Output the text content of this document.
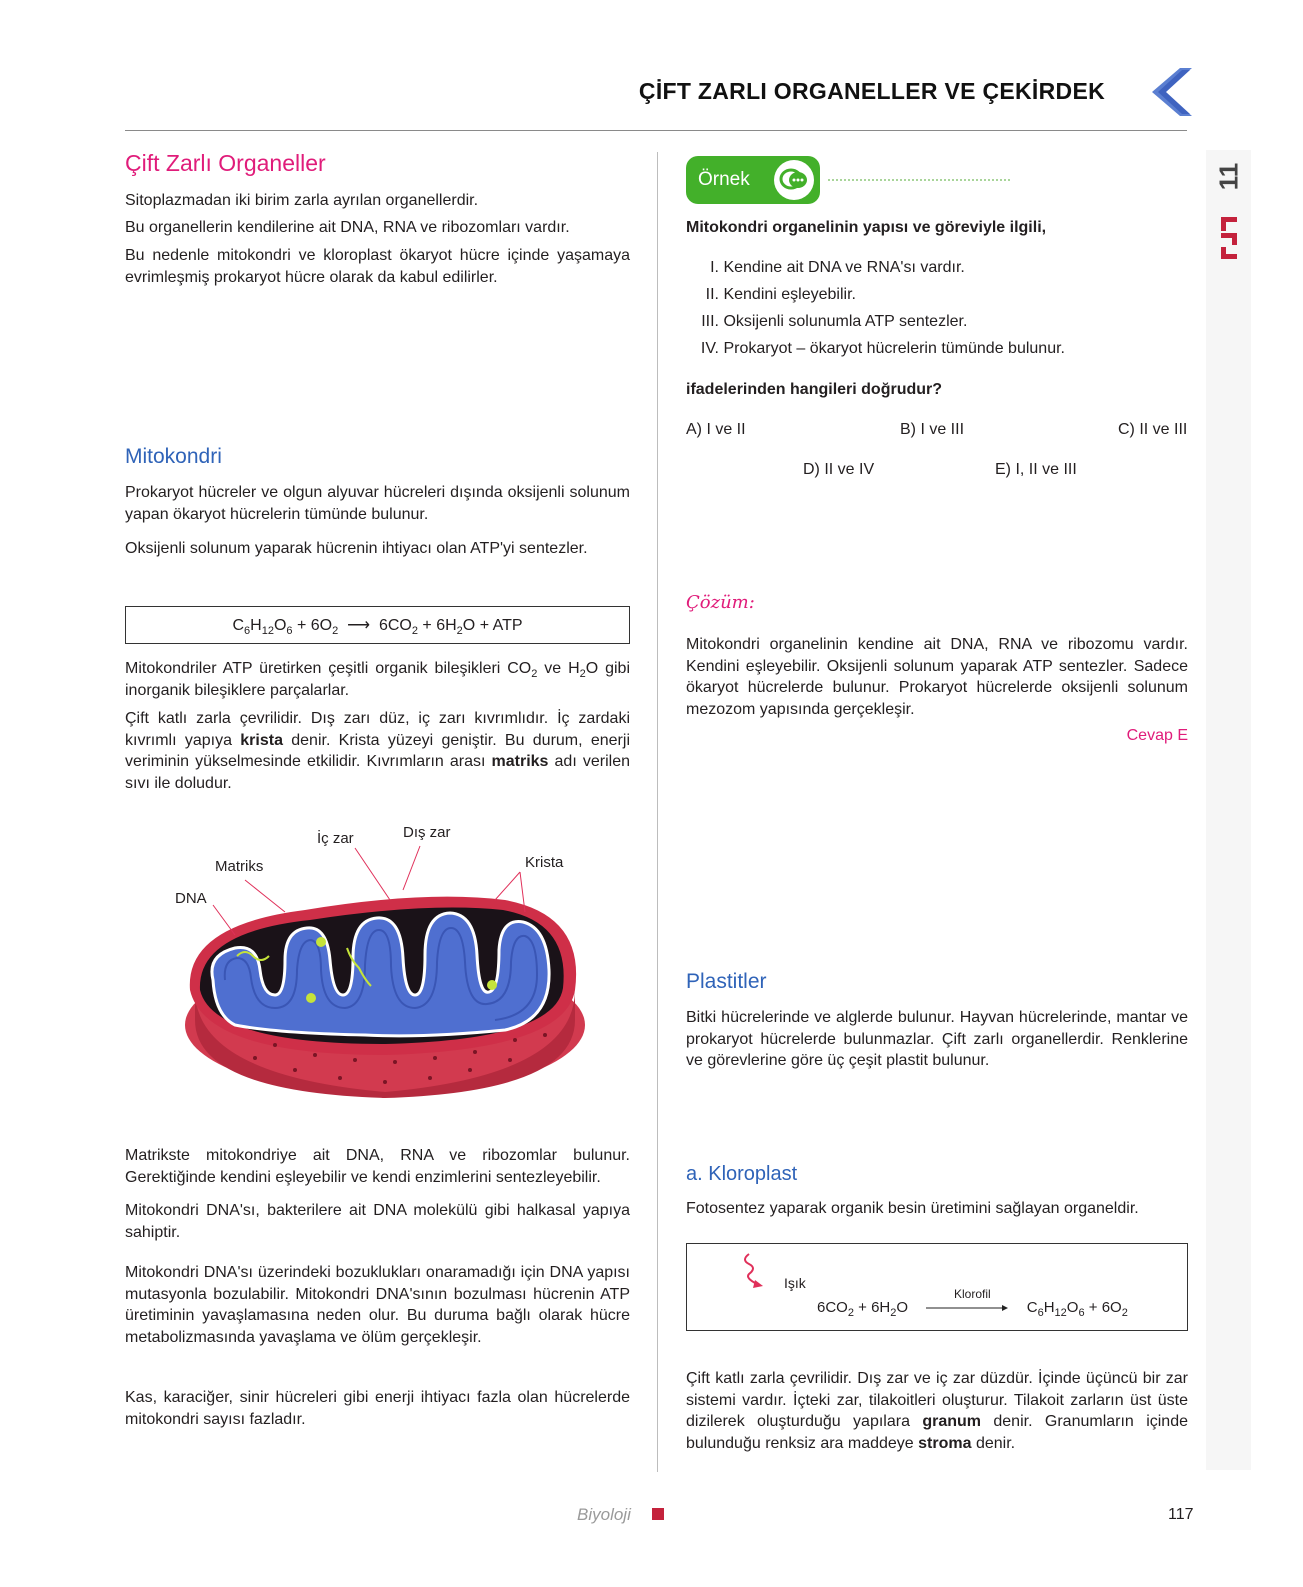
ÇİFT ZARLI ORGANELLER VE ÇEKİRDEK
11
Çift Zarlı Organeller

Sitoplazmadan iki birim zarla ayrılan organellerdir.

Bu organellerin kendilerine ait DNA, RNA ve ribozomları vardır.

Bu nedenle mitokondri ve kloroplast ökaryot hücre içinde yaşamaya evrimleşmiş prokaryot hücre olarak da kabul edilirler.

Mitokondri

Prokaryot hücreler ve olgun alyuvar hücreleri dışında oksijenli solunum yapan ökaryot hücrelerin tümünde bulunur.

Oksijenli solunum yaparak hücrenin ihtiyacı olan ATP'yi sentezler.

$C_6H_{12}O_6 + 6O_2$ ⟶ $6CO_2 + 6H_2O$ + ATP

Mitokondriler ATP üretirken çeşitli organik bileşikleri $CO_2$ ve $H_2O$ gibi inorganik bileşiklere parçalarlar.

Çift katlı zarla çevrilidir. Dış zarı düz, iç zarı kıvrımlıdır. İç zardaki kıvrımlı yapıya krista denir. Krista yüzeyi geniştir. Bu durum, enerji veriminin yükselmesinde etkilidir. Kıvrımların arası matriks adı verilen sıvı ile doludur.

İç zar	Dış zar
Matriks	Krista
DNA

Matrikste mitokondriye ait DNA, RNA ve ribozomlar bulunur. Gerektiğinde kendini eşleyebilir ve kendi enzimlerini sentezleyebilir.

Mitokondri DNA'sı, bakterilere ait DNA molekülü gibi halkasal yapıya sahiptir.

Mitokondri DNA'sı üzerindeki bozuklukları onaramadığı için DNA yapısı mutasyonla bozulabilir. Mitokondri DNA'sının bozulması hücrenin ATP üretiminin yavaşlamasına neden olur. Bu duruma bağlı olarak hücre metabolizmasında yavaşlama ve ölüm gerçekleşir.

Kas, karaciğer, sinir hücreleri gibi enerji ihtiyacı fazla olan hücrelerde mitokondri sayısı fazladır.

Örnek

Mitokondri organelinin yapısı ve göreviyle ilgili,

I. Kendine ait DNA ve RNA'sı vardır.
II. Kendini eşleyebilir.
III. Oksijenli solunumla ATP sentezler.
IV. Prokaryot – ökaryot hücrelerin tümünde bulunur.

ifadelerinden hangileri doğrudur?

A) I ve II	B) I ve III	C) II ve III
D) II ve IV	E) I, II ve III
Çözüm:

Mitokondri organelinin kendine ait DNA, RNA ve ribozomu vardır. Kendini eşleyebilir. Oksijenli solunum yaparak ATP sentezler. Sadece ökaryot hücrelerde bulunur. Prokaryot hücrelerde oksijenli solunum mezozom yapısında gerçekleşir.

Cevap E
Plastitler

Bitki hücrelerinde ve alglerde bulunur. Hayvan hücrelerinde, mantar ve prokaryot hücrelerde bulunmazlar. Çift zarlı organellerdir. Renklerine ve görevlerine göre üç çeşit plastit bulunur.

a. Kloroplast

Fotosentez yaparak organik besin üretimini sağlayan organeldir.

Işık
Klorofil
$6CO_2 + 6H_2O$	$C_6H_{12}O_6 + 6O_2$

Çift katlı zarla çevrilidir. Dış zar ve iç zar düzdür. İçinde üçüncü bir zar sistemi vardır. İçteki zar, tilakoitleri oluşturur. Tilakoit zarların üst üste dizilerek oluşturduğu yapılara granum denir. Granumların içinde bulunduğu renksiz ara maddeye stroma denir.

Biyoloji	117
